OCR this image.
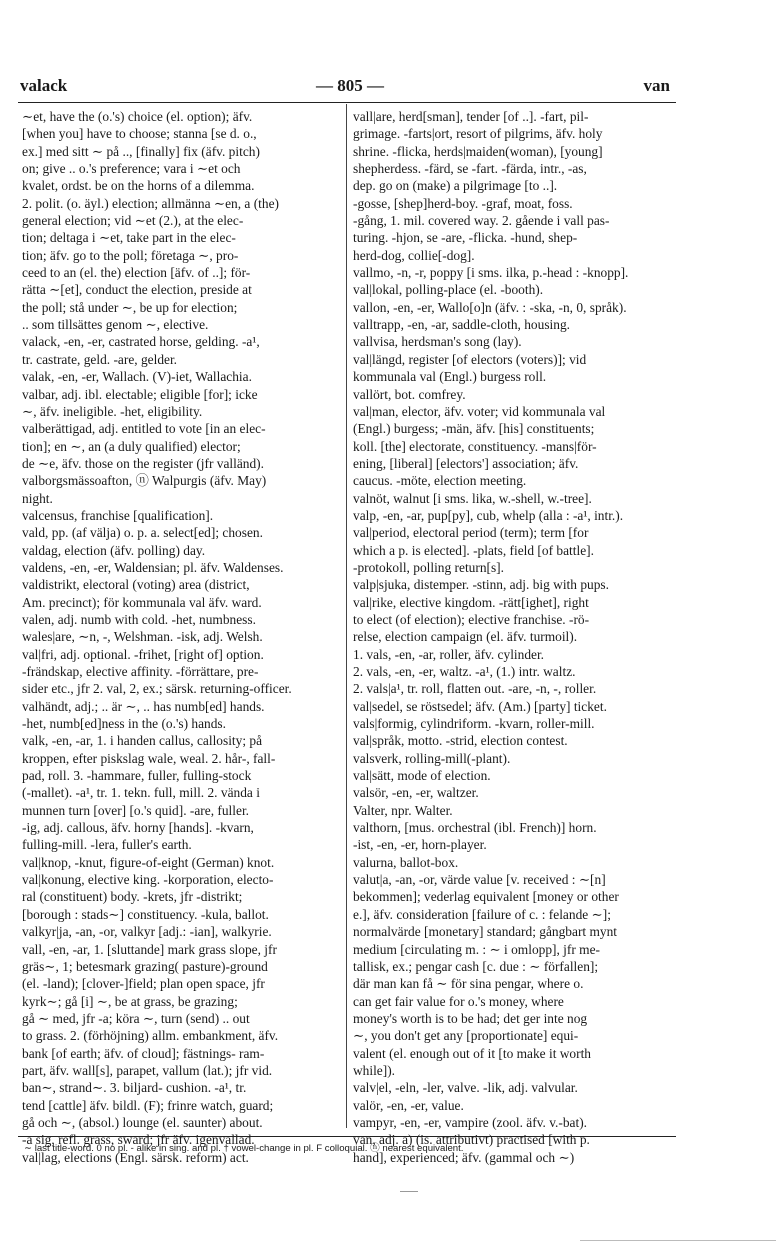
valack	— 805 —	van
∼et, have the (o.'s) choice (el. option); äfv.
[when you] have to choose; stanna [se d. o.,
ex.] med sitt ∼ på .., [finally] fix (äfv. pitch)
on; give .. o.'s preference; vara i ∼et och
kvalet, ordst. be on the horns of a dilemma.
2. polit. (o. äyl.) election; allmänna ∼en, a (the)
general election; vid ∼et (2.), at the elec-
tion; deltaga i ∼et, take part in the elec-
tion; äfv. go to the poll; företaga ∼, pro-
ceed to an (el. the) election [äfv. of ..]; för-
rätta ∼[et], conduct the election, preside at
the poll; stå under ∼, be up for election;
.. som tillsättes genom ∼, elective.
valack, -en, -er, castrated horse, gelding. -a¹,
tr. castrate, geld. -are, gelder.
valak, -en, -er, Wallach. (V)-iet, Wallachia.
valbar, adj. ibl. electable; eligible [for]; icke
∼, äfv. ineligible. -het, eligibility.
valberättigad, adj. entitled to vote [in an elec-
tion]; en ∼, an (a duly qualified) elector;
de ∼e, äfv. those on the register (jfr valländ).
valborgsmässoafton, ⓝ Walpurgis (äfv. May)
night.
valcensus, franchise [qualification].
vald, pp. (af välja) o. p. a. select[ed]; chosen.
valdag, election (äfv. polling) day.
valdens, -en, -er, Waldensian; pl. äfv. Waldenses.
valdistrikt, electoral (voting) area (district,
Am. precinct); för kommunala val äfv. ward.
valen, adj. numb with cold. -het, numbness.
wales|are, ∼n, -, Welshman. -isk, adj. Welsh.
val|fri, adj. optional. -frihet, [right of] option.
-frändskap, elective affinity. -förrättare, pre-
sider etc., jfr 2. val, 2, ex.; särsk. returning-officer.
valhändt, adj.; .. är ∼, .. has numb[ed] hands.
-het, numb[ed]ness in the (o.'s) hands.
valk, -en, -ar, 1. i handen callus, callosity; på
kroppen, efter piskslag wale, weal. 2. hår-, fall-
pad, roll. 3. -hammare, fuller, fulling-stock
(-mallet). -a¹, tr. 1. tekn. full, mill. 2. vända i
munnen turn [over] [o.'s quid]. -are, fuller.
-ig, adj. callous, äfv. horny [hands]. -kvarn,
fulling-mill. -lera, fuller's earth.
val|knop, -knut, figure-of-eight (German) knot.
val|konung, elective king. -korporation, electo-
ral (constituent) body. -krets, jfr -distrikt;
[borough : stads∼] constituency. -kula, ballot.
valkyr|ja, -an, -or, valkyr [adj.: -ian], walkyrie.
vall, -en, -ar, 1. [sluttande] mark grass slope, jfr
gräs∼, 1; betesmark grazing( pasture)-ground
(el. -land); [clover-]field; plan open space, jfr
kyrk∼; gå [i] ∼, be at grass, be grazing;
gå ∼ med, jfr -a; köra ∼, turn (send) .. out
to grass. 2. (förhöjning) allm. embankment, äfv.
bank [of earth; äfv. of cloud]; fästnings- ram-
part, äfv. wall[s], parapet, vallum (lat.); jfr vid.
ban∼, strand∼. 3. biljard- cushion. -a¹, tr.
tend [cattle] äfv. bildl. (F); frinre watch, guard;
gå och ∼, (absol.) lounge (el. saunter) about.
-a sig, refl. grass, sward; jfr äfv. igenvallad.
val|lag, elections (Engl. särsk. reform) act.
vall|are, herd[sman], tender [of ..]. -fart, pil-
grimage. -farts|ort, resort of pilgrims, äfv. holy
shrine. -flicka, herds|maiden(woman), [young]
shepherdess. -färd, se -fart. -färda, intr., -as,
dep. go on (make) a pilgrimage [to ..].
-gosse, [shep]herd-boy. -graf, moat, foss.
-gång, 1. mil. covered way. 2. gående i vall pas-
turing. -hjon, se -are, -flicka. -hund, shep-
herd-dog, collie[-dog].
vallmo, -n, -r, poppy [i sms. ilka, p.-head : -knopp].
val|lokal, polling-place (el. -booth).
vallon, -en, -er, Wallo[o]n (äfv. : -ska, -n, 0, språk).
valltrapp, -en, -ar, saddle-cloth, housing.
vallvisa, herdsman's song (lay).
val|längd, register [of electors (voters)]; vid
kommunala val (Engl.) burgess roll.
vallört, bot. comfrey.
val|man, elector, äfv. voter; vid kommunala val
(Engl.) burgess; -män, äfv. [his] constituents;
koll. [the] electorate, constituency. -mans|för-
ening, [liberal] [electors'] association; äfv.
caucus. -möte, election meeting.
valnöt, walnut [i sms. lika, w.-shell, w.-tree].
valp, -en, -ar, pup[py], cub, whelp (alla : -a¹, intr.).
val|period, electoral period (term); term [for
which a p. is elected]. -plats, field [of battle].
-protokoll, polling return[s].
valp|sjuka, distemper. -stinn, adj. big with pups.
val|rike, elective kingdom. -rätt[ighet], right
to elect (of election); elective franchise. -rö-
relse, election campaign (el. äfv. turmoil).
1. vals, -en, -ar, roller, äfv. cylinder.
2. vals, -en, -er, waltz. -a¹, (1.) intr. waltz.
2. vals|a¹, tr. roll, flatten out. -are, -n, -, roller.
val|sedel, se röstsedel; äfv. (Am.) [party] ticket.
vals|formig, cylindriform. -kvarn, roller-mill.
val|språk, motto. -strid, election contest.
valsverk, rolling-mill(-plant).
val|sätt, mode of election.
valsör, -en, -er, waltzer.
Valter, npr. Walter.
valthorn, [mus. orchestral (ibl. French)] horn.
-ist, -en, -er, horn-player.
valurna, ballot-box.
valut|a, -an, -or, värde value [v. received : ∼[n]
bekommen]; vederlag equivalent [money or other
e.], äfv. consideration [failure of c. : felande ∼];
normalvärde [monetary] standard; gångbart mynt
medium [circulating m. : ∼ i omlopp], jfr me-
tallisk, ex.; pengar cash [c. due : ∼ förfallen];
där man kan få ∼ för sina pengar, where o.
can get fair value for o.'s money, where
money's worth is to be had; det ger inte nog
∼, you don't get any [proportionate] equi-
valent (el. enough out of it [to make it worth
while]).
valv|el, -eln, -ler, valve. -lik, adj. valvular.
valör, -en, -er, value.
vampyr, -en, -er, vampire (zool. äfv. v.-bat).
van, adj. a) (is. attributivt) practised [with p.
hand], experienced; äfv. (gammal och ∼)
∼ last title-word. 0 no pl. - alike in sing. and pl. † vowel-change in pl. F colloquial. ⓝ nearest equivalent.
